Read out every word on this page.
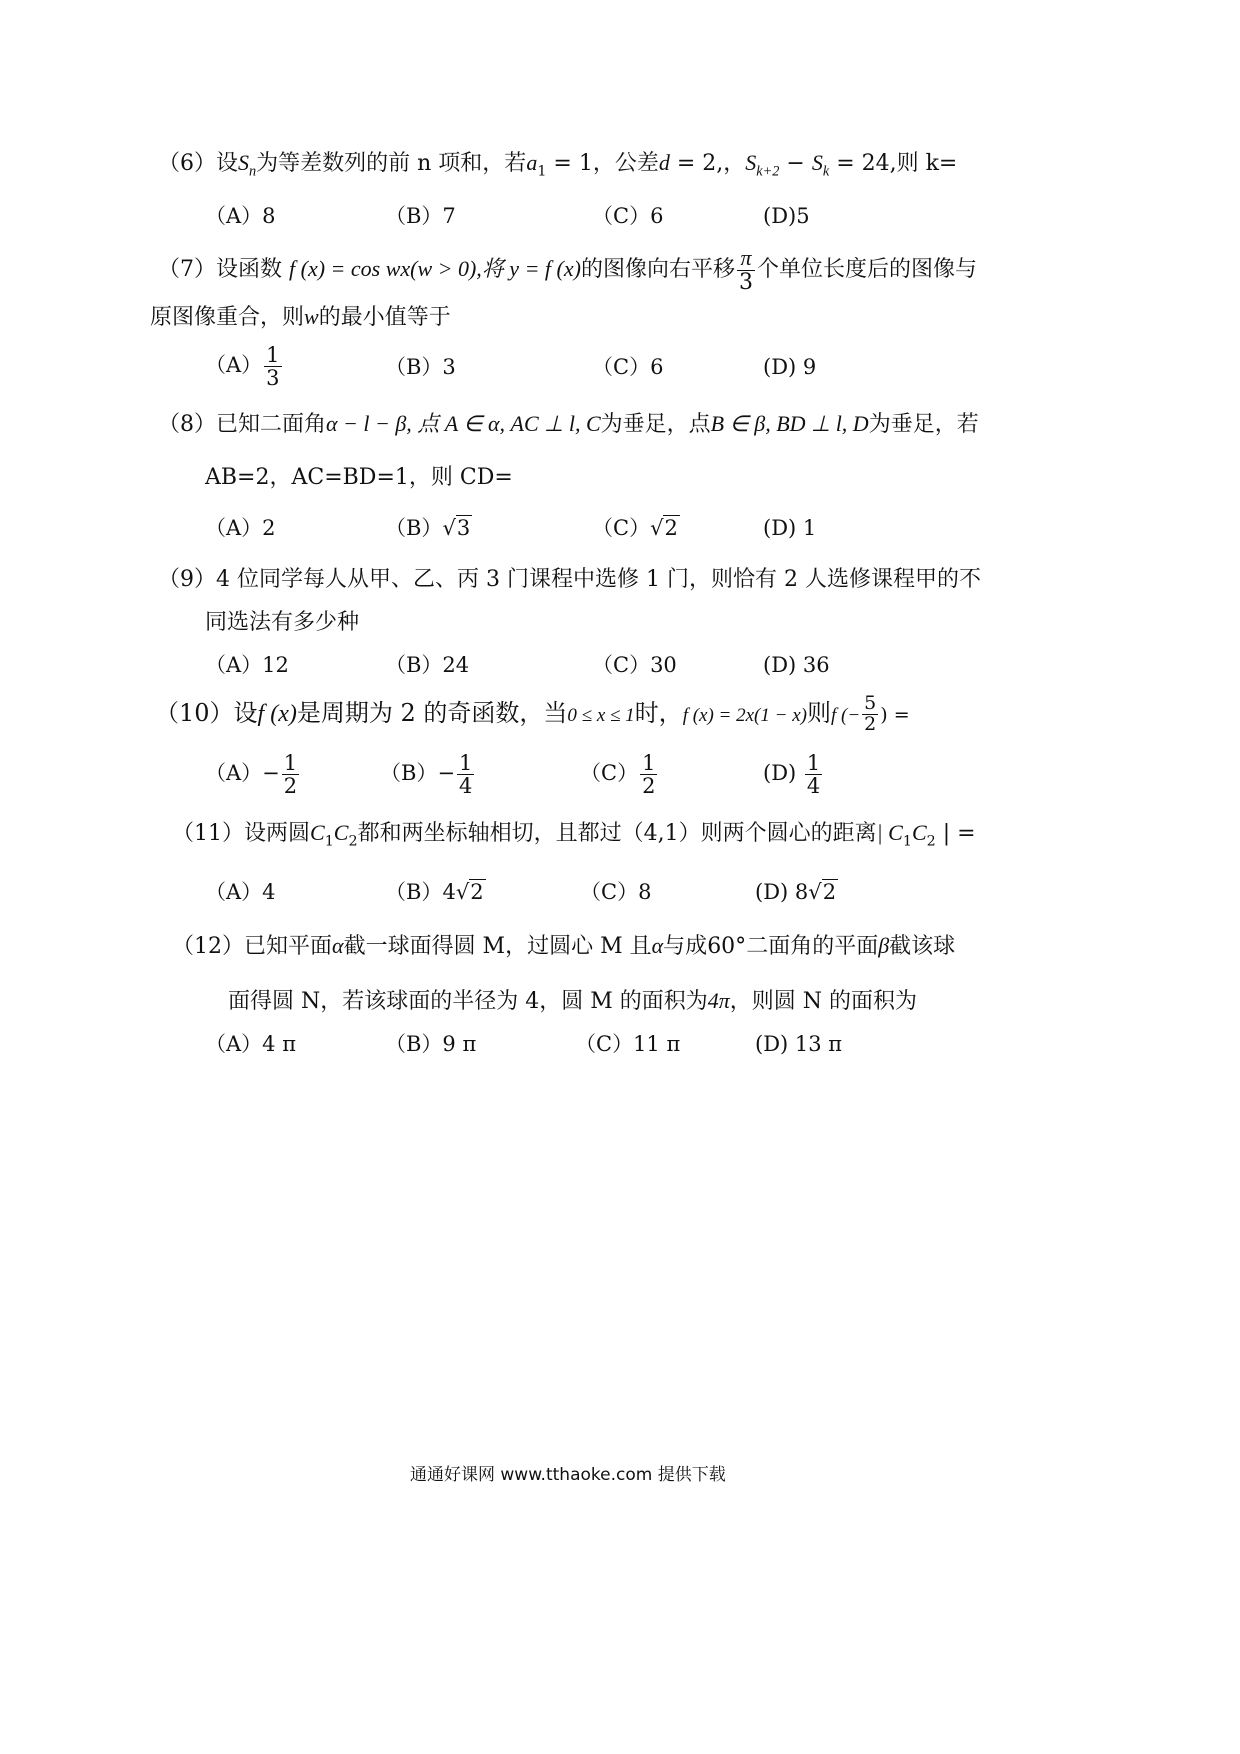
（6）设$S_n$为等差数列的前 n 项和，若$a_1 = 1$，公差d = 2,，$S_{k+2} - S_k = 24$,则 k=
（A）8	（B）7	（C）6	(D)5
（7）设函数 f (x) = cos wx(w > 0),将 y = f (x)的图像向右平移 $\frac{\pi}{3}$ 个单位长度后的图像与
原图像重合，则w的最小值等于
$(A) \frac{1}{3}$	（B）3	（C）6	(D) 9
（8）已知二面角α − l − β, 点 A ∈ α, AC ⊥ l, C为垂足，点B ∈ β, BD ⊥ l, D为垂足，若
AB=2，AC=BD=1，则 CD=
（A）2	（B）√3	（C）√2	(D) 1
（9）4 位同学每人从甲、乙、丙 3 门课程中选修 1 门，则恰有 2 人选修课程甲的不
同选法有多少种
（A）12	（B）24	（C）30	(D) 36
（10）设f (x)是周期为 2 的奇函数，当0 ≤ x ≤ 1时，f (x) = 2x(1 − x)则f (− $\frac{5}{2}$ ) =
$(A)- \frac{1}{2}$	$(B)- \frac{1}{4}$	$(C) \frac{1}{2}$	$(D) \frac{1}{4}$
（11）设两圆$C_1C_2$都和两坐标轴相切，且都过（4,1）则两个圆心的距离| $C_1C_2$ | =
（A）4	（B）4√2	（C）8	(D) 8√2
（12）已知平面α截一球面得圆 M，过圆心 M 且α与成60°二面角的平面β截该球
面得圆 N，若该球面的半径为 4，圆 M 的面积为4π，则圆 N 的面积为
（A）4 π	（B）9 π	（C）11 π	(D) 13 π
通通好课网 www.tthaoke.com 提供下载
